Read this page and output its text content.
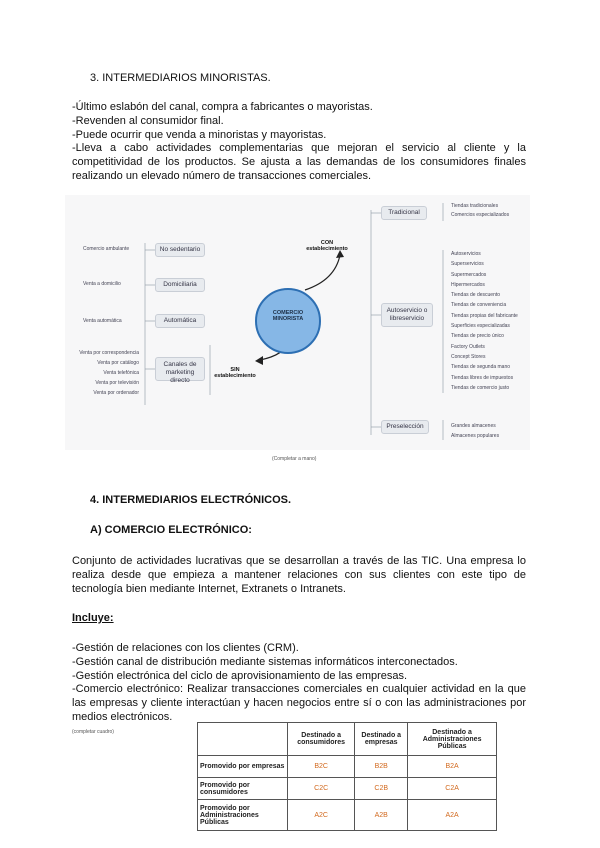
3. INTERMEDIARIOS MINORISTAS.
-Último eslabón del canal, compra a fabricantes o mayoristas.
-Revenden al consumidor final.
-Puede ocurrir que venda a minoristas y mayoristas.
-Lleva a cabo actividades complementarias que mejoran el servicio al cliente y la competitividad de los productos. Se ajusta a las demandas de los consumidores finales realizando un elevado número de transacciones comerciales.
COMERCIO MINORISTA
CON establecimiento
SIN establecimiento
No sedentario
Domiciliaria
Automática
Canales de marketing directo
Comercio ambulante
Venta a domicilio
Venta automática
Venta por correspondencia
Venta por catálogo
Venta telefónica
Venta por televisión
Venta por ordenador
Tradicional
Autoservicio o libreservicio
Preselección
Tiendas tradicionales
Comercios especializados
Autoservicios
Superservicios
Supermercados
Hipermercados
Tiendas de descuento
Tiendas de conveniencia
Tiendas propias del fabricante
Superficies especializadas
Tiendas de precio único
Factory Outlets
Concept Stores
Tiendas de segunda mano
Tiendas libres de impuestos
Tiendas de comercio justo
Grandes almacenes
Almacenes populares
(Completar a mano)
4. INTERMEDIARIOS ELECTRÓNICOS.
A) COMERCIO ELECTRÓNICO:
Conjunto de actividades lucrativas que se desarrollan a través de las TIC. Una empresa lo realiza desde que empieza a mantener relaciones con sus clientes con este tipo de tecnología bien mediante Internet, Extranets o Intranets.
Incluye:
-Gestión de relaciones con los clientes (CRM).
-Gestión canal de distribución mediante sistemas informáticos interconectados.
-Gestión electrónica del ciclo de aprovisionamiento de las empresas.
-Comercio electrónico: Realizar transacciones comerciales en cualquier actividad en la que las empresas y cliente interactúan y hacen negocios entre sí o con las administraciones por medios electrónicos.
(completar cuadro)
		Destinado a consumidores	Destinado a empresas	Destinado a Administraciones Públicas
Promovido por empresas	B2C	B2B	B2A
Promovido por consumidores	C2C	C2B	C2A
Promovido por Administraciones Públicas	A2C	A2B	A2A
